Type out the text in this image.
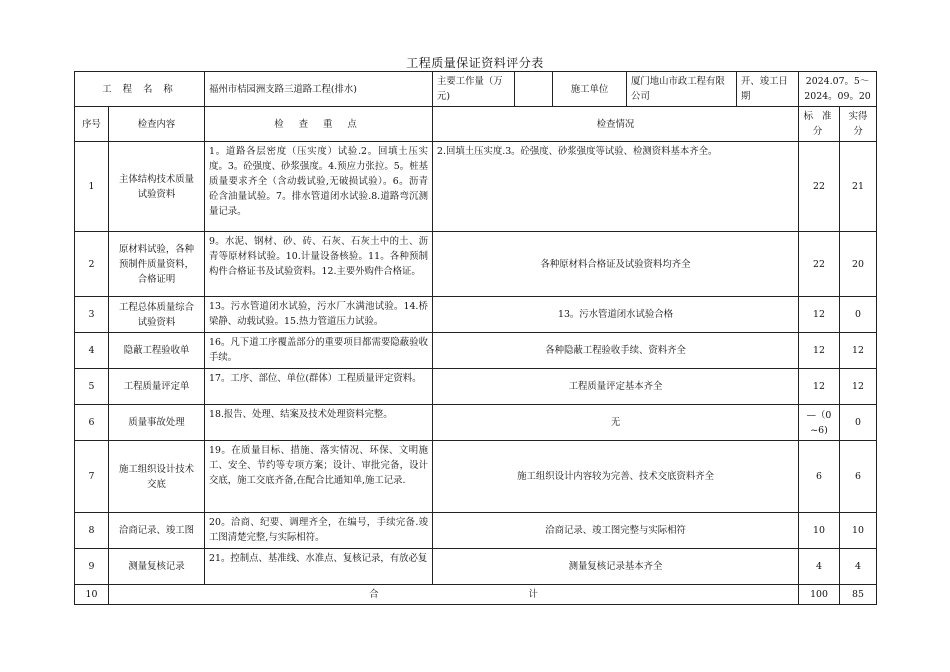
工程质量保证资料评分表
工 程 名 称		福州市桔园洲支路三道路工程(排水)	主要工作量（万元)		施工单位	厦门地山市政工程有限公司	开、竣工日期	2024.07。5～
2024。09。20	

序号	检查内容	检 查 重 点	检查情况					标 准 分	实得分
1	主体结构技术质量试验资料	1。道路各层密度（压实度）试验.2。回填土压实度。3。砼强度、砂浆强度。4.预应力张拉。5。桩基质量要求齐全（含动载试验,无破损试验）。6。沥青砼含油量试验。7。排水管道闭水试验.8.道路弯沉测量记录。	2.回填土压实度.3。砼强度、砂浆强度等试验、检测资料基本齐全。					22	21
2	原材料试验，各种预制件质量资料，合格证明	9。水泥、钢材、砂、砖、石灰、石灰土中的土、沥青等原材料试验。10.计量设备核验。11。各种预制构件合格证书及试验资料。12.主要外购件合格证。	各种原材料合格证及试验资料均齐全					22	20
3	工程总体质量综合试验资料	13。污水管道闭水试验，污水厂水满池试验。14.桥梁静、动载试验。15.热力管道压力试验。	13。污水管道闭水试验合格					12	0
4	隐蔽工程验收单	16。凡下道工序覆盖部分的重要项目都需要隐蔽验收手续。	各种隐蔽工程验收手续、资料齐全					12	12
5	工程质量评定单	17。工序、部位、单位(群体）工程质量评定资料。	工程质量评定基本齐全					12	12
6	质量事故处理	18.报告、处理、结案及技术处理资料完整。	无					—（0~6)	0
7	施工组织设计技术交底	19。在质量目标、措施、落实情况、环保、文明施工、安全、节约等专项方案；设计、审批完备，设计交底，施工交底齐备,在配合比通知单,施工记录.	施工组织设计内容较为完善、技术交底资料齐全					6	6
8	洽商记录、竣工图	20。洽商、纪要、调理齐全，在编号，手续完备.竣工图清楚完整,与实际相符。	洽商记录、竣工图完整与实际相符					10	10
9	测量复核记录	21。控制点、基准线、水准点、复核记录，有放必复	测量复核记录基本齐全					4	4
10	合 计							100	85
